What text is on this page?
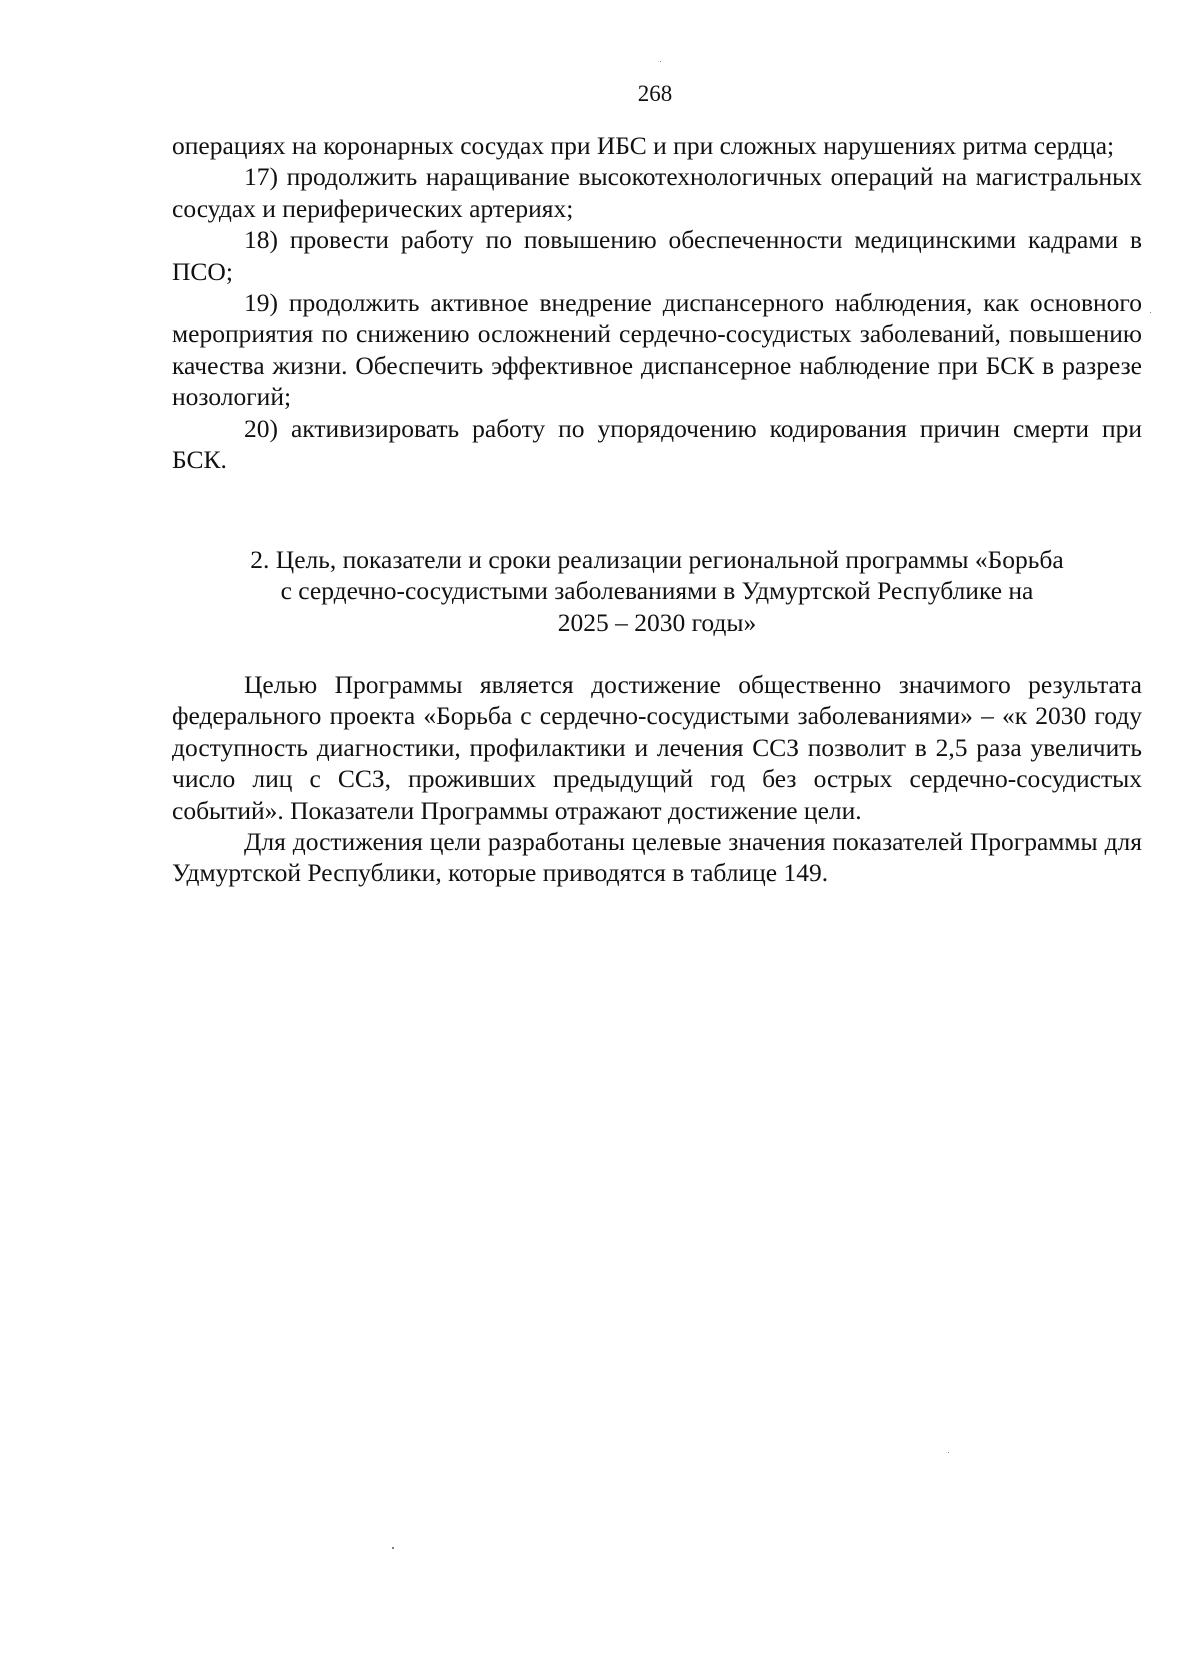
268

операциях на коронарных сосудах при ИБС и при сложных нарушениях ритма сердца;

17) продолжить наращивание высокотехнологичных операций на магистральных сосудах и периферических артериях;

18) провести работу по повышению обеспеченности медицинскими кадрами в ПСО;

19) продолжить активное внедрение диспансерного наблюдения, как основного мероприятия по снижению осложнений сердечно-сосудистых заболеваний, повышению качества жизни. Обеспечить эффективное диспансерное наблюдение при БСК в разрезе нозологий;

20) активизировать работу по упорядочению кодирования причин смерти при БСК.

2. Цель, показатели и сроки реализации региональной программы «Борьба
с сердечно-сосудистыми заболеваниями в Удмуртской Республике на
2025 – 2030 годы»

Целью Программы является достижение общественно значимого результата федерального проекта «Борьба с сердечно-сосудистыми заболеваниями» – «к 2030 году доступность диагностики, профилактики и лечения ССЗ позволит в 2,5 раза увеличить число лиц с ССЗ, проживших предыдущий год без острых сердечно-сосудистых событий». Показатели Программы отражают достижение цели.

Для достижения цели разработаны целевые значения показателей Программы для Удмуртской Республики, которые приводятся в таблице 149.
